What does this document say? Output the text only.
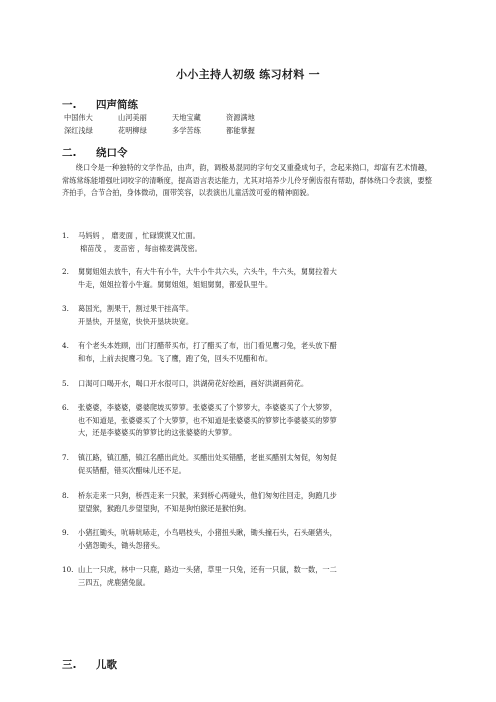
小小主持人初级 练习材料 一
一. 四声简练
中国伟大	山河美丽	天地宝藏	资源满地
深红浅绿	花明柳绿	多学苦练	都能掌握
二. 绕口令
绕口令是一种独特的文学作品，由声，韵，调极易混同的字句交叉重叠成句子，念起来拗口，却富有艺术情趣，常练常练能增强吐词咬字的清晰度，提高语言表达能力，尤其对培养少儿伶牙俐齿很有帮助，群体绕口令表演，要整齐拍手，合节合拍，身体微动，面带笑容，以表演出儿童活泼可爱的精神面貌。
1.	马妈妈 ， 磨麦面 ，忙碌馍馍又忙面。
棉苗茂 ， 麦苗密 ，每亩棉麦满茂密。
2.	舅舅姐姐去放牛，有大牛有小牛，大牛小牛共六头，六头牛，牛六头，舅舅拉着大
牛走，姐姐拉着小牛遛。舅舅姐姐，姐姐舅舅，都爱队里牛。
3.	葛国光，割果干，割过果干挂高竿。
开垦快，开垦宽，快快开垦块块宽。
4.	有个老头本姓顾，出门打醋带买布，打了醋买了布，出门看见鹰刁兔，老头放下醋
和布，上前去捉鹰刁兔。飞了鹰，跑了兔，回头不见醋和布。
5.	口渴可口喝开水，喝口开水很可口，洪湖荷花好绘画，画好洪湖画荷花。
6.	张婆婆，李婆婆，婆婆爬坡买箩箩。张婆婆买了个箩箩大，李婆婆买了个大箩箩，
也不知道是，张婆婆买了个大箩箩，也不知道是张婆婆买的箩箩比李婆婆买的箩箩
大，还是李婆婆买的箩箩比的这张婆婆的大箩箩。
7.	镇江路，镇江醋，镇江名醋出此处。买醋出处买错醋，老崔买醋别太匆促，匆匆促
促买错醋，错买次醋味儿还不足。
8.	桥东走来一只狗，桥西走来一只猴，来到桥心两碰头，他们匆匆往回走，狗跑几步
望望猴，猴跑几步望望狗，不知是狗怕猴还是猴怕狗。
9.	小猪扛锄头，吭哧吭哧走，小鸟唱枝头，小猪扭头瞅，锄头撞石头，石头砸猪头，
小猪怨锄头，锄头怨猪头。
10. 山上一只虎，林中一只鹿，路边一头猪，草里一只兔，还有一只鼠，数一数，一二
三四五，虎鹿猪兔鼠。
三. 儿歌
